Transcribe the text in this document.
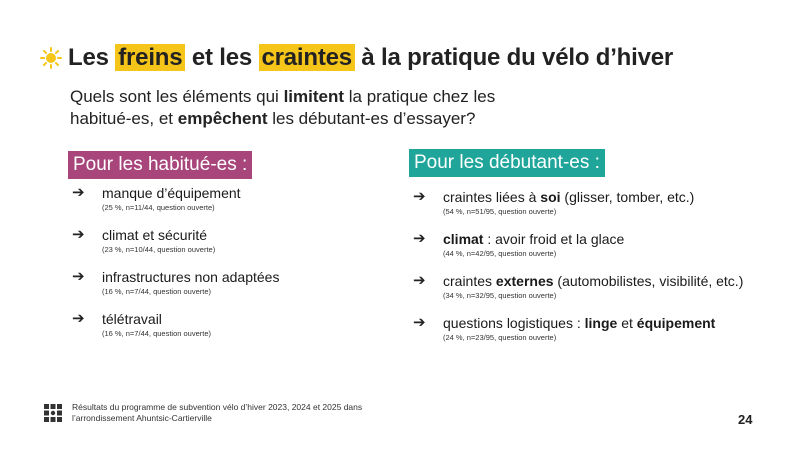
Les freins et les craintes à la pratique du vélo d’hiver
Quels sont les éléments qui limitent la pratique chez les habitué-es, et empêchent les débutant-es d’essayer?
Pour les habitué-es :
➔ manque d’équipement
(25 %, n=11/44, question ouverte)
➔ climat et sécurité
(23 %, n=10/44, question ouverte)
➔ infrastructures non adaptées
(16 %, n=7/44, question ouverte)
➔ télétravail
(16 %, n=7/44, question ouverte)
Pour les débutant-es :
➔ craintes liées à soi (glisser, tomber, etc.)
(54 %, n=51/95, question ouverte)
➔ climat : avoir froid et la glace
(44 %, n=42/95, question ouverte)
➔ craintes externes (automobilistes, visibilité, etc.)
(34 %, n=32/95, question ouverte)
➔ questions logistiques : linge et équipement
(24 %, n=23/95, question ouverte)
Résultats du programme de subvention vélo d’hiver 2023, 2024 et 2025 dans l’arrondissement Ahuntsic-Cartierville	24
